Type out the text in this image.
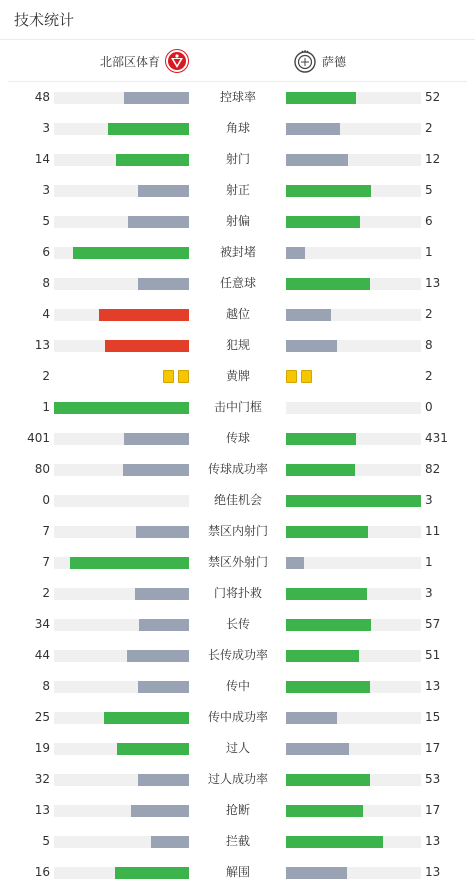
技术统计
北部区体育	萨德
48	控球率	52
3	角球	2
14	射门	12
3	射正	5
5	射偏	6
6	被封堵	1
8	任意球	13
4	越位	2
13	犯规	8
2	黄牌	2
1	击中门框	0
401	传球	431
80	传球成功率	82
0	绝佳机会	3
7	禁区内射门	11
7	禁区外射门	1
2	门将扑救	3
34	长传	57
44	长传成功率	51
8	传中	13
25	传中成功率	15
19	过人	17
32	过人成功率	53
13	抢断	17
5	拦截	13
16	解围	13
